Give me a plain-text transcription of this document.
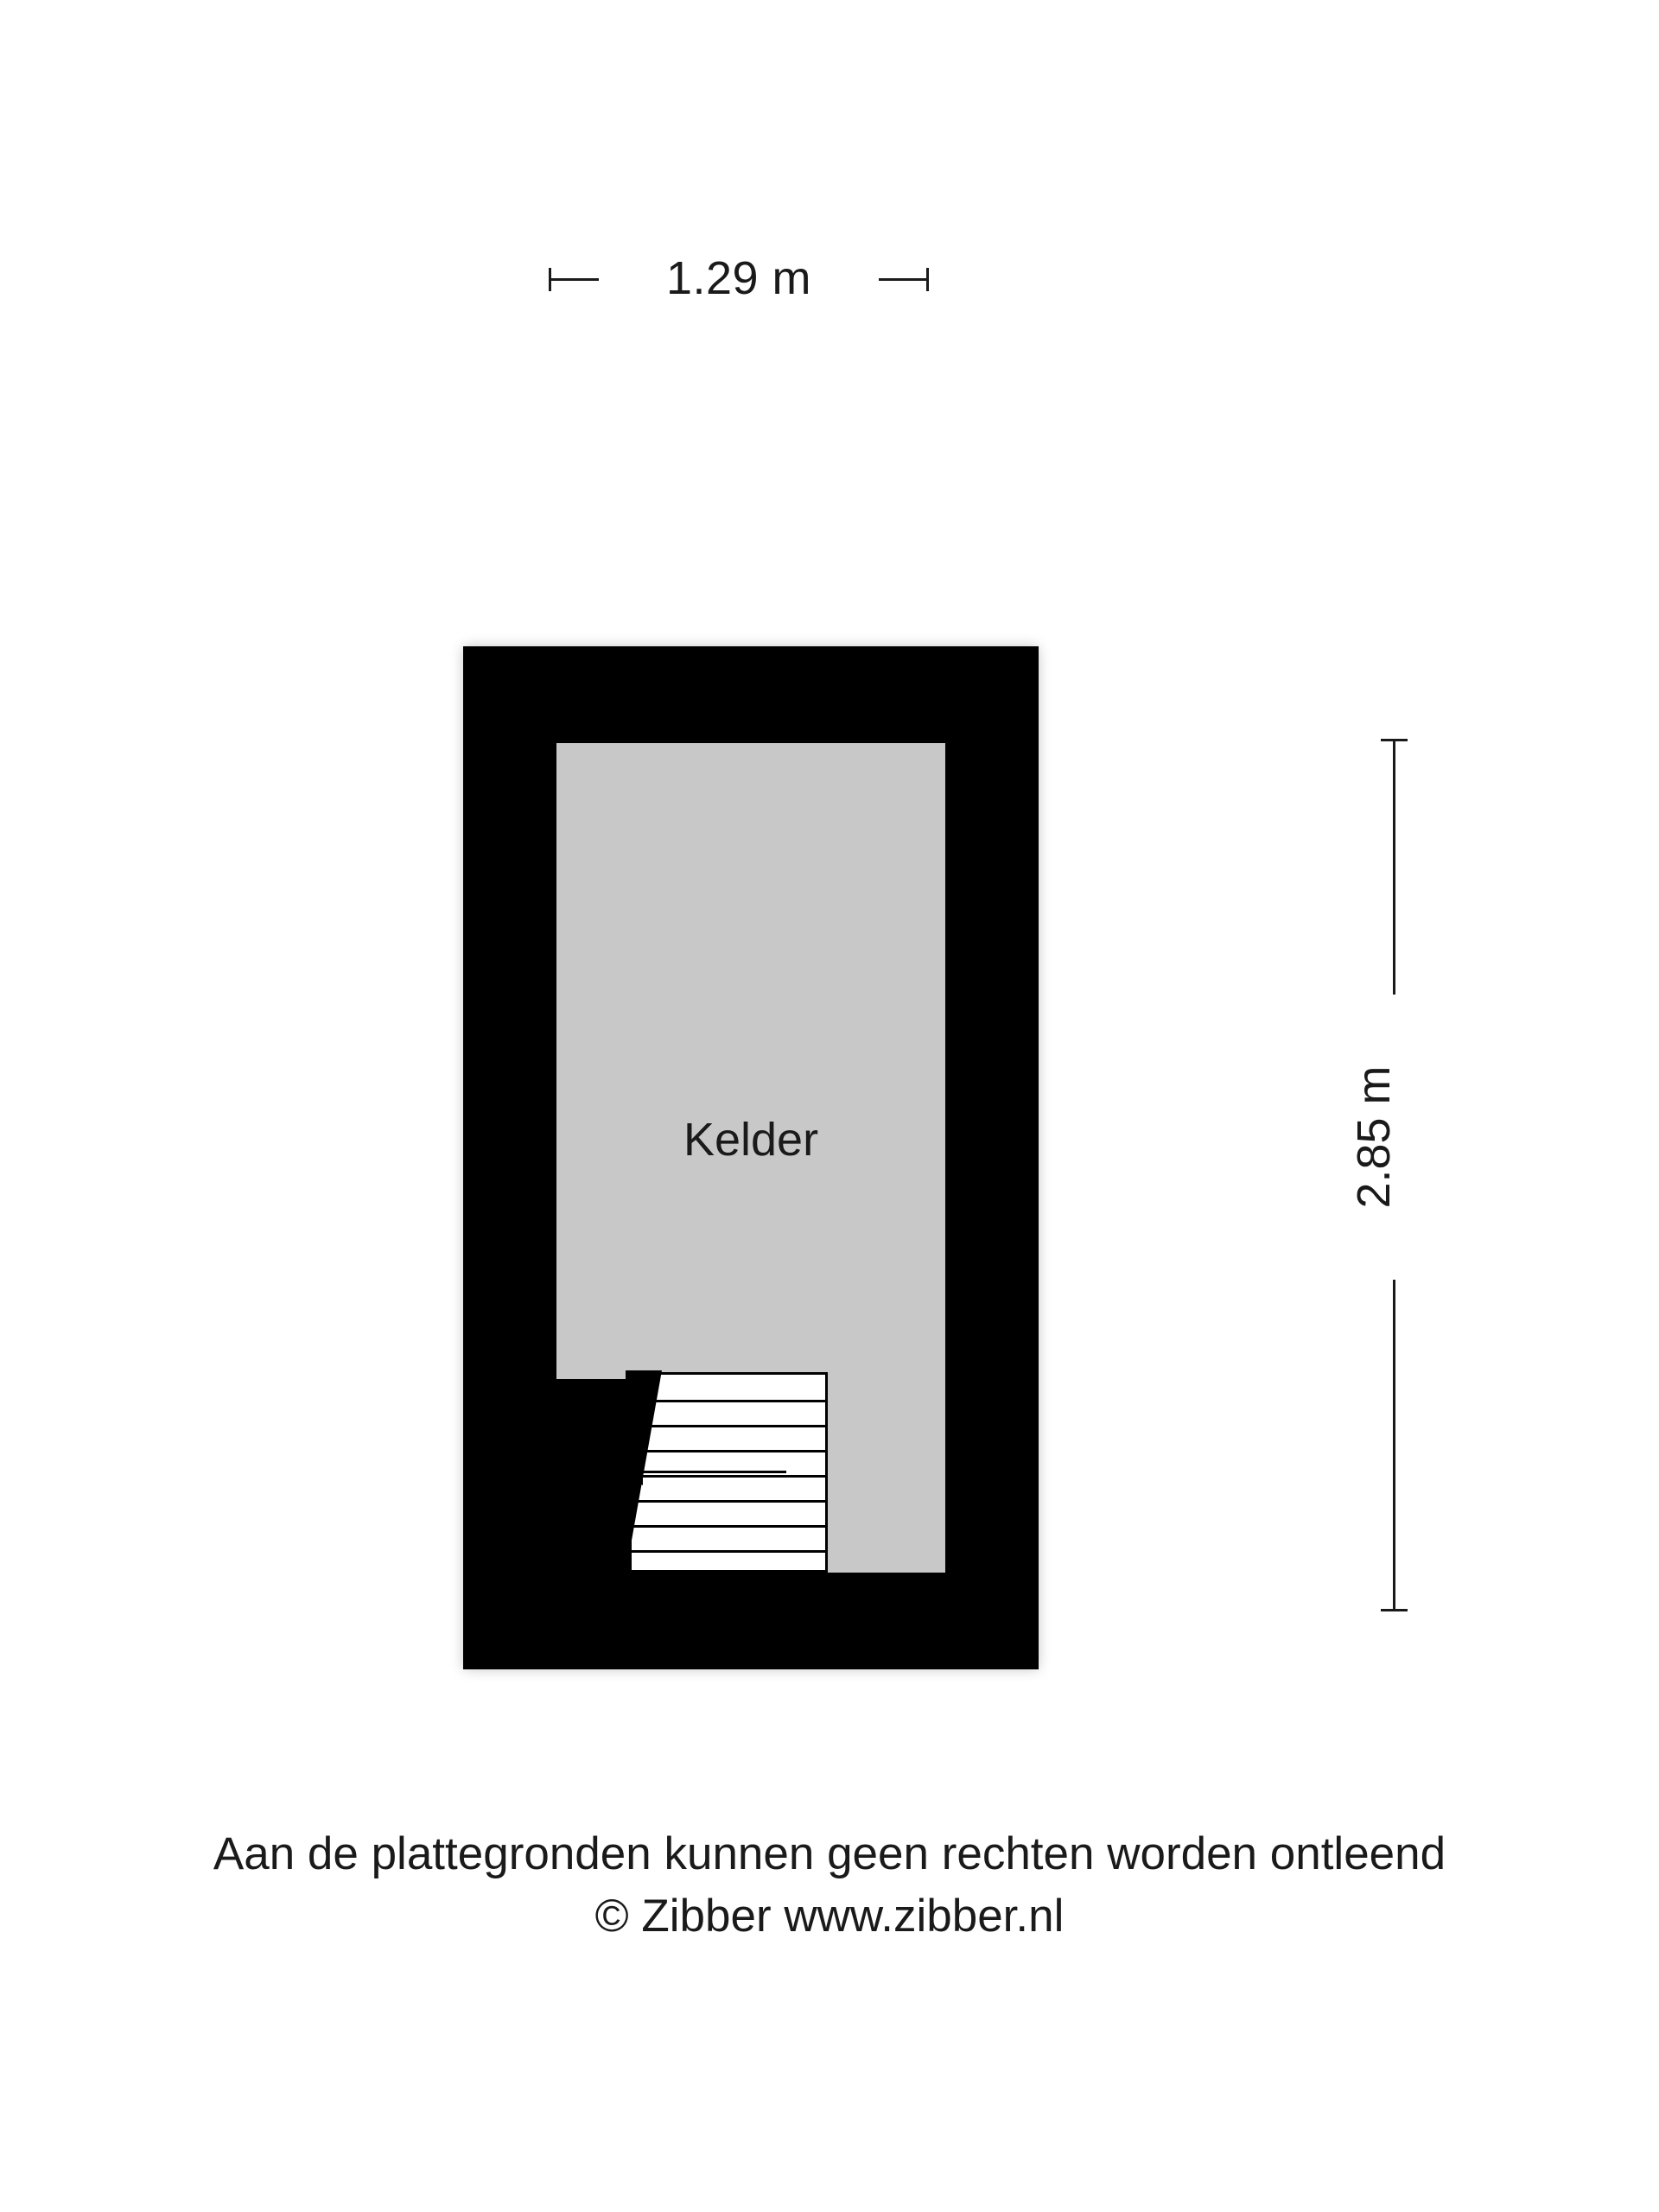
1.29 m
2.85 m
Kelder
Aan de plattegronden kunnen geen rechten worden ontleend
© Zibber www.zibber.nl
